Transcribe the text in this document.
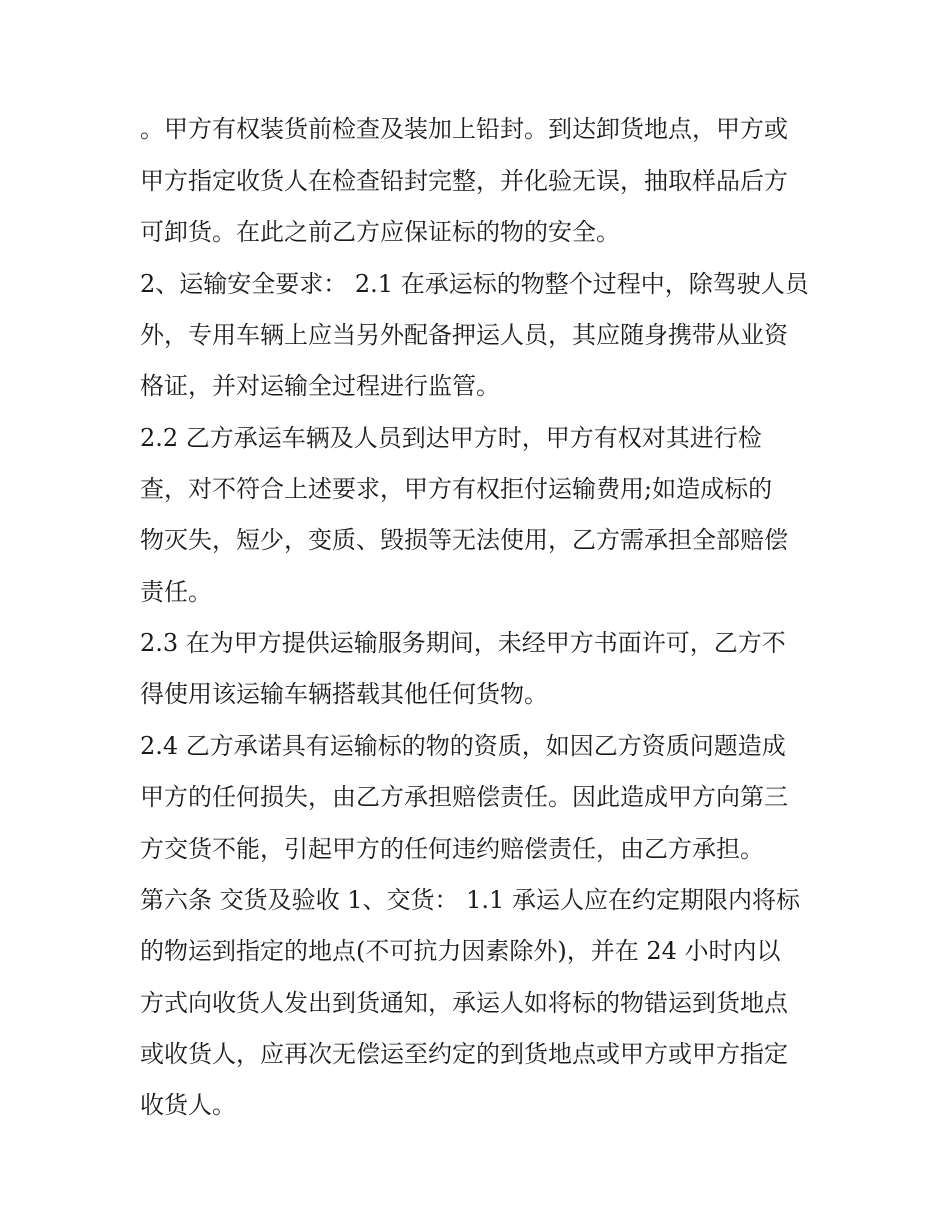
。甲方有权装货前检查及装加上铅封。到达卸货地点，甲方或

甲方指定收货人在检查铅封完整，并化验无误，抽取样品后方

可卸货。在此之前乙方应保证标的物的安全。

2、运输安全要求： 2.1 在承运标的物整个过程中，除驾驶人员

外，专用车辆上应当另外配备押运人员，其应随身携带从业资

格证，并对运输全过程进行监管。

2.2 乙方承运车辆及人员到达甲方时，甲方有权对其进行检

查，对不符合上述要求，甲方有权拒付运输费用;如造成标的

物灭失，短少，变质、毁损等无法使用，乙方需承担全部赔偿

责任。

2.3 在为甲方提供运输服务期间，未经甲方书面许可，乙方不

得使用该运输车辆搭载其他任何货物。

2.4 乙方承诺具有运输标的物的资质，如因乙方资质问题造成

甲方的任何损失，由乙方承担赔偿责任。因此造成甲方向第三

方交货不能，引起甲方的任何违约赔偿责任，由乙方承担。

第六条 交货及验收 1、交货： 1.1 承运人应在约定期限内将标

的物运到指定的地点(不可抗力因素除外)，并在 24 小时内以

方式向收货人发出到货通知，承运人如将标的物错运到货地点

或收货人，应再次无偿运至约定的到货地点或甲方或甲方指定

收货人。
